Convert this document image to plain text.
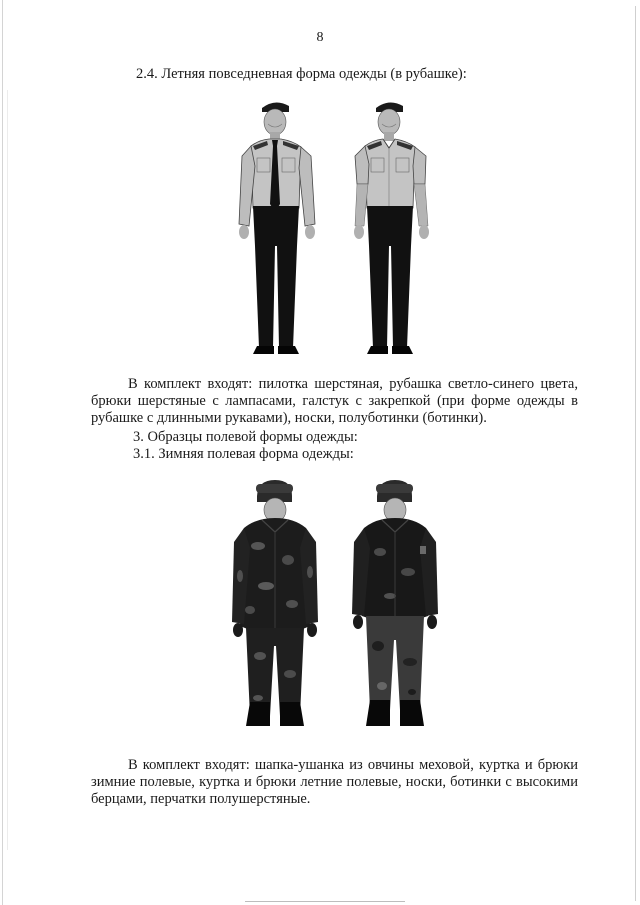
8
2.4. Летняя повседневная форма одежды (в рубашке):
В комплект входят: пилотка шерстяная, рубашка светло-синего цвета, брюки шерстяные с лампасами, галстук с закрепкой (при форме одежды в рубашке с длинными рукавами), носки, полуботинки (ботинки).
3. Образцы полевой формы одежды:
3.1. Зимняя полевая форма одежды:
В комплект входят: шапка-ушанка из овчины меховой, куртка и брюки зимние полевые, куртка и брюки летние полевые, носки, ботинки с высокими берцами, перчатки полушерстяные.
